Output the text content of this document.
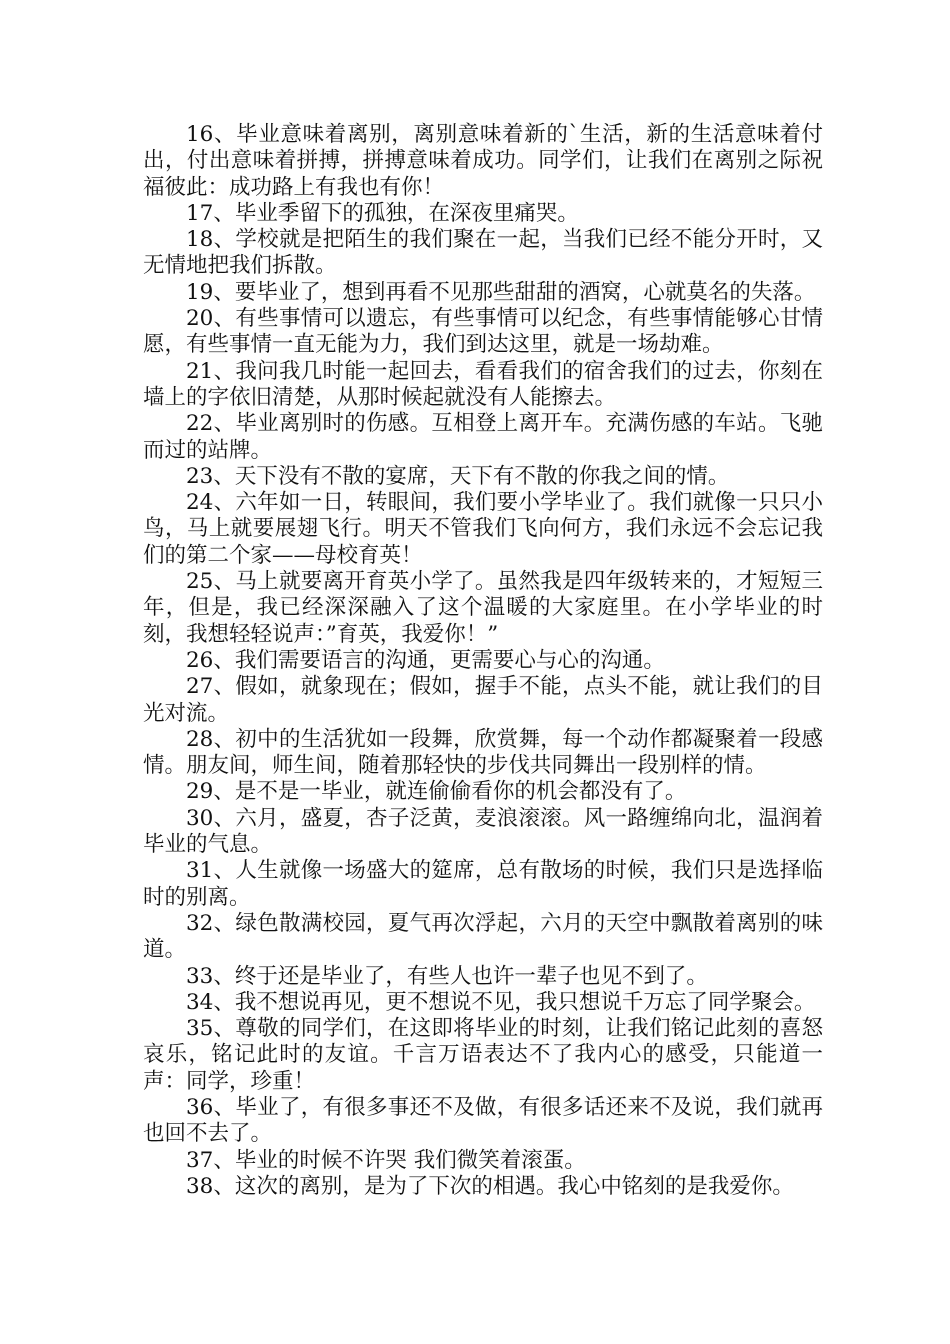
16、毕业意味着离别，离别意味着新的`生活，新的生活意味着付出，付出意味着拼搏，拼搏意味着成功。同学们，让我们在离别之际祝福彼此：成功路上有我也有你！

17、毕业季留下的孤独，在深夜里痛哭。

18、学校就是把陌生的我们聚在一起，当我们已经不能分开时，又无情地把我们拆散。

19、要毕业了，想到再看不见那些甜甜的酒窝，心就莫名的失落。

20、有些事情可以遗忘，有些事情可以纪念，有些事情能够心甘情愿，有些事情一直无能为力，我们到达这里，就是一场劫难。

21、我问我几时能一起回去，看看我们的宿舍我们的过去，你刻在墙上的字依旧清楚，从那时候起就没有人能擦去。

22、毕业离别时的伤感。互相登上离开车。充满伤感的车站。飞驰而过的站牌。

23、天下没有不散的宴席，天下有不散的你我之间的情。

24、六年如一日，转眼间，我们要小学毕业了。我们就像一只只小鸟，马上就要展翅飞行。明天不管我们飞向何方，我们永远不会忘记我们的第二个家——母校育英！

25、马上就要离开育英小学了。虽然我是四年级转来的，才短短三年，但是，我已经深深融入了这个温暖的大家庭里。在小学毕业的时刻，我想轻轻说声：”育英，我爱你！”

26、我们需要语言的沟通，更需要心与心的沟通。

27、假如，就象现在；假如，握手不能，点头不能，就让我们的目光对流。

28、初中的生活犹如一段舞，欣赏舞，每一个动作都凝聚着一段感情。朋友间，师生间，随着那轻快的步伐共同舞出一段别样的情。

29、是不是一毕业，就连偷偷看你的机会都没有了。

30、六月，盛夏，杏子泛黄，麦浪滚滚。风一路缠绵向北，温润着毕业的气息。

31、人生就像一场盛大的筵席，总有散场的时候，我们只是选择临时的别离。

32、绿色散满校园，夏气再次浮起，六月的天空中飘散着离别的味道。

33、终于还是毕业了，有些人也许一辈子也见不到了。

34、我不想说再见，更不想说不见，我只想说千万忘了同学聚会。

35、尊敬的同学们，在这即将毕业的时刻，让我们铭记此刻的喜怒哀乐，铭记此时的友谊。千言万语表达不了我内心的感受，只能道一声：同学，珍重！

36、毕业了，有很多事还不及做，有很多话还来不及说，我们就再也回不去了。

37、毕业的时候不许哭 我们微笑着滚蛋。

38、这次的离别，是为了下次的相遇。我心中铭刻的是我爱你。
